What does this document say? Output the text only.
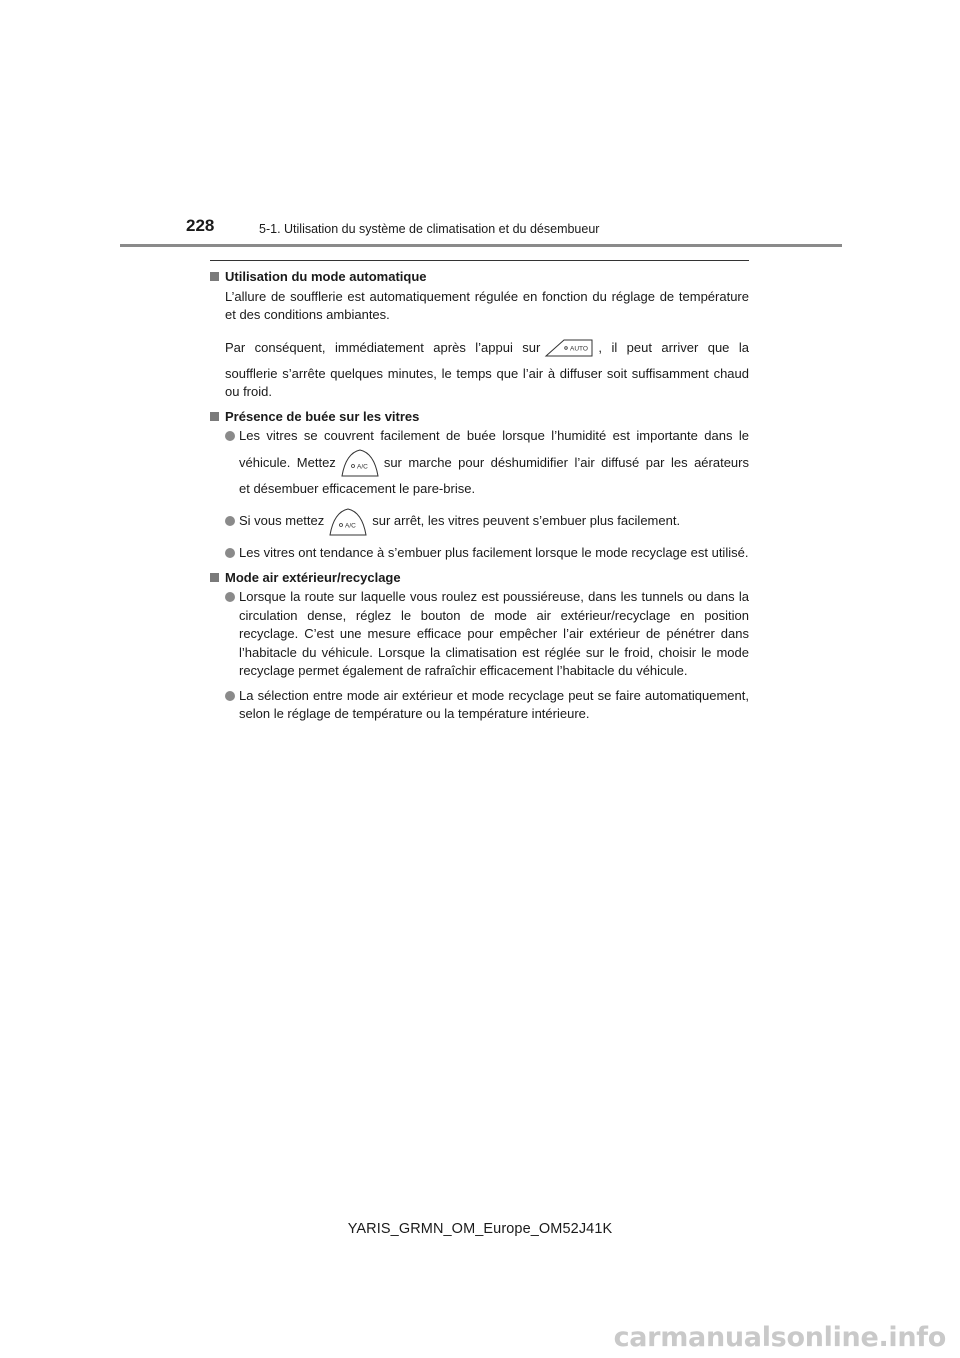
228	5-1. Utilisation du système de climatisation et du désembueur
Utilisation du mode automatique

L’allure de soufflerie est automatiquement régulée en fonction du réglage de température et des conditions ambiantes.

Par conséquent, immédiatement après l’appui sur	AUTO , il peut arriver que la

soufflerie s’arrête quelques minutes, le temps que l’air à diffuser soit suffisamment chaud ou froid.

Présence de buée sur les vitres
Les vitres se couvrent facilement de buée lorsque l’humidité est importante dans le
véhicule. Mettez	A/C sur marche pour déshumidifier l’air diffusé par les aérateurs
et désembuer efficacement le pare-brise.
Si vous mettez	A/C sur arrêt, les vitres peuvent s’embuer plus facilement.
Les vitres ont tendance à s’embuer plus facilement lorsque le mode recyclage est utilisé.
Mode air extérieur/recyclage
Lorsque la route sur laquelle vous roulez est poussiéreuse, dans les tunnels ou dans la circulation dense, réglez le bouton de mode air extérieur/recyclage en position recyclage. C’est une mesure efficace pour empêcher l’air extérieur de pénétrer dans l’habitacle du véhicule. Lorsque la climatisation est réglée sur le froid, choisir le mode recyclage permet également de rafraîchir efficacement l’habitacle du véhicule.
La sélection entre mode air extérieur et mode recyclage peut se faire automatiquement, selon le réglage de température ou la température intérieure.
YARIS_GRMN_OM_Europe_OM52J41K
carmanualsonline.info
